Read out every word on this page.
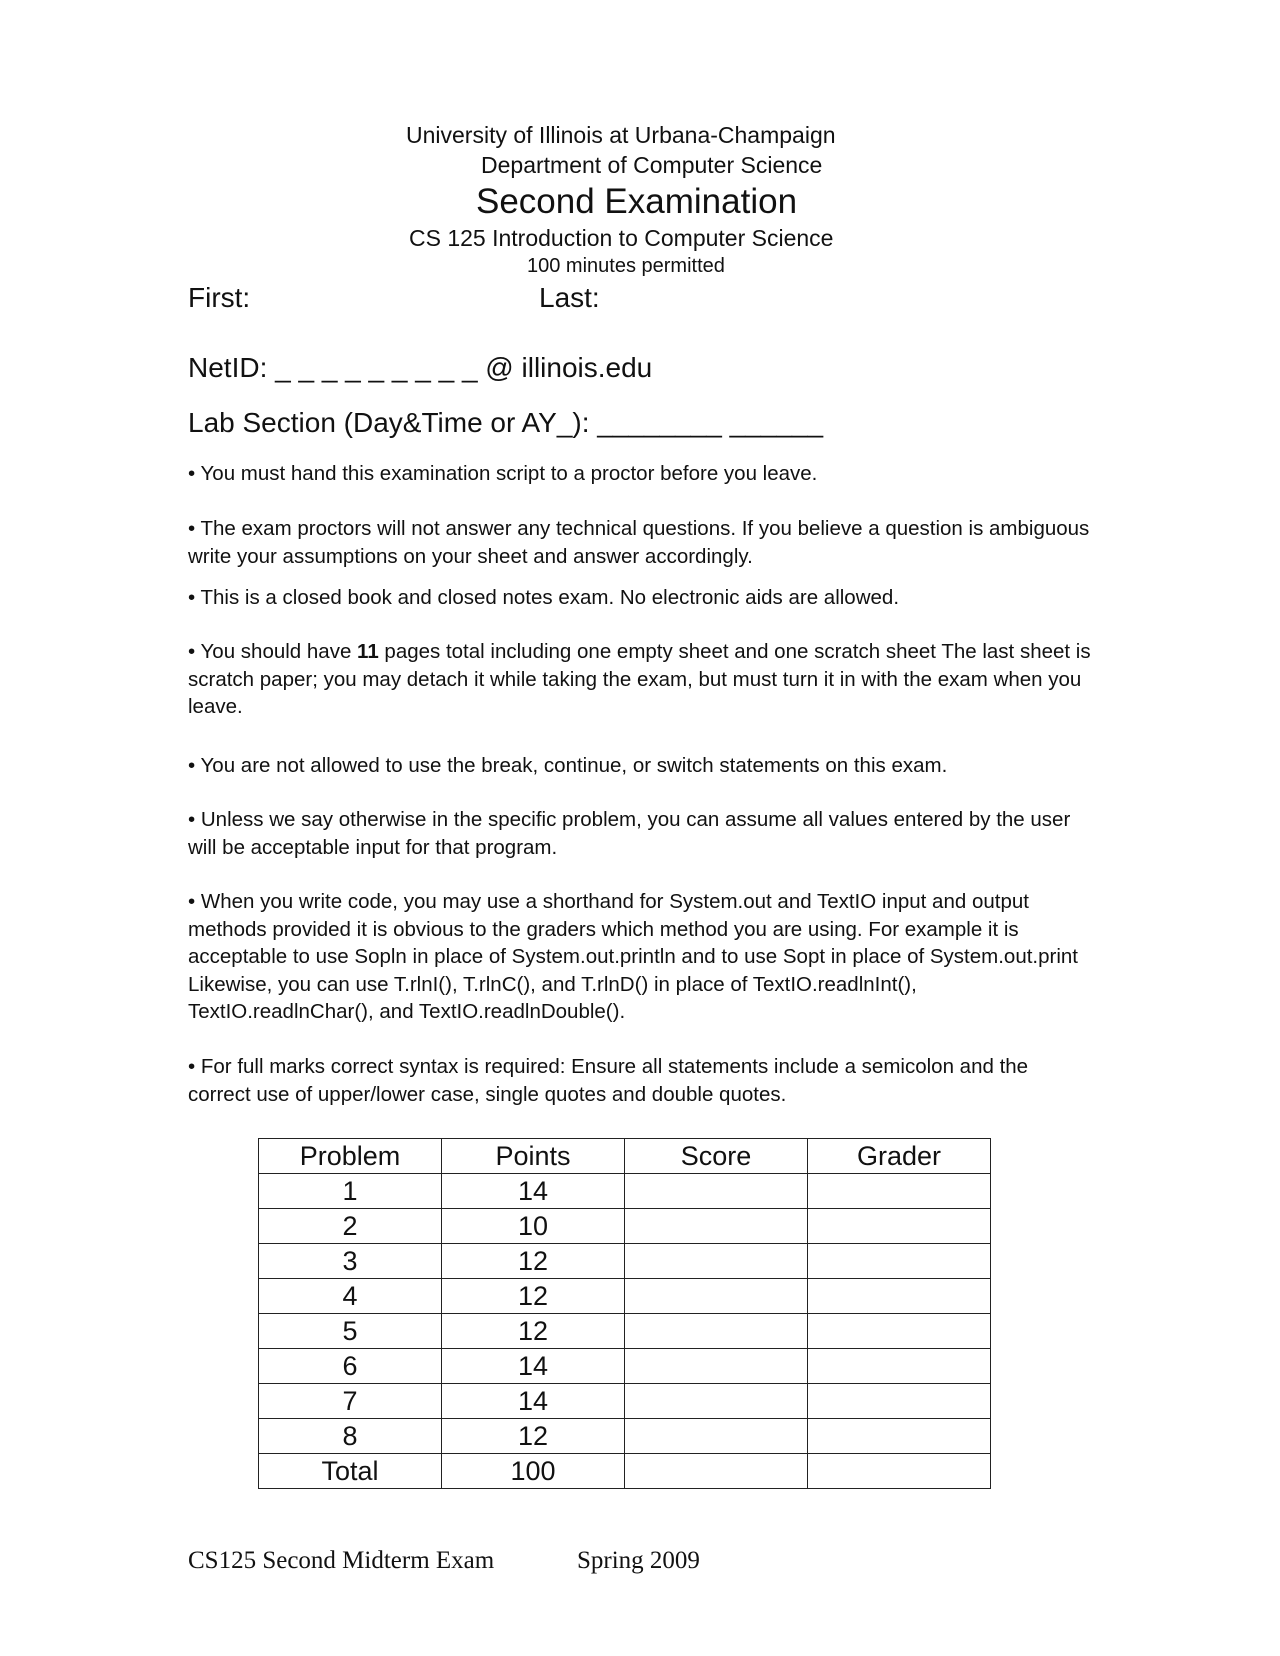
University of Illinois at Urbana-Champaign
Department of Computer Science
Second Examination
CS 125 Introduction to Computer Science
100 minutes permitted
First:	Last:
NetID: _ _ _ _ _ _ _ _ _ @ illinois.edu
Lab Section (Day&Time or AY_): ________ ______
• You must hand this examination script to a proctor before you leave.
• The exam proctors will not answer any technical questions. If you believe a question is ambiguous write your assumptions on your sheet and answer accordingly.
• This is a closed book and closed notes exam. No electronic aids are allowed.
• You should have 11 pages total including one empty sheet and one scratch sheet The last sheet is scratch paper; you may detach it while taking the exam, but must turn it in with the exam when you leave.
• You are not allowed to use the break, continue, or switch statements on this exam.
• Unless we say otherwise in the specific problem, you can assume all values entered by the user will be acceptable input for that program.
• When you write code, you may use a shorthand for System.out and TextIO input and output methods provided it is obvious to the graders which method you are using. For example it is acceptable to use Sopln in place of System.out.println and to use Sopt in place of System.out.print Likewise, you can use T.rlnI(), T.rlnC(), and T.rlnD() in place of TextIO.readlnInt(), TextIO.readlnChar(), and TextIO.readlnDouble().
• For full marks correct syntax is required: Ensure all statements include a semicolon and the correct use of upper/lower case, single quotes and double quotes.
Problem	Points	Score	Grader
1	14		
2	10		
3	12		
4	12		
5	12		
6	14		
7	14		
8	12		
Total	100		
CS125 Second Midterm Exam	Spring 2009
